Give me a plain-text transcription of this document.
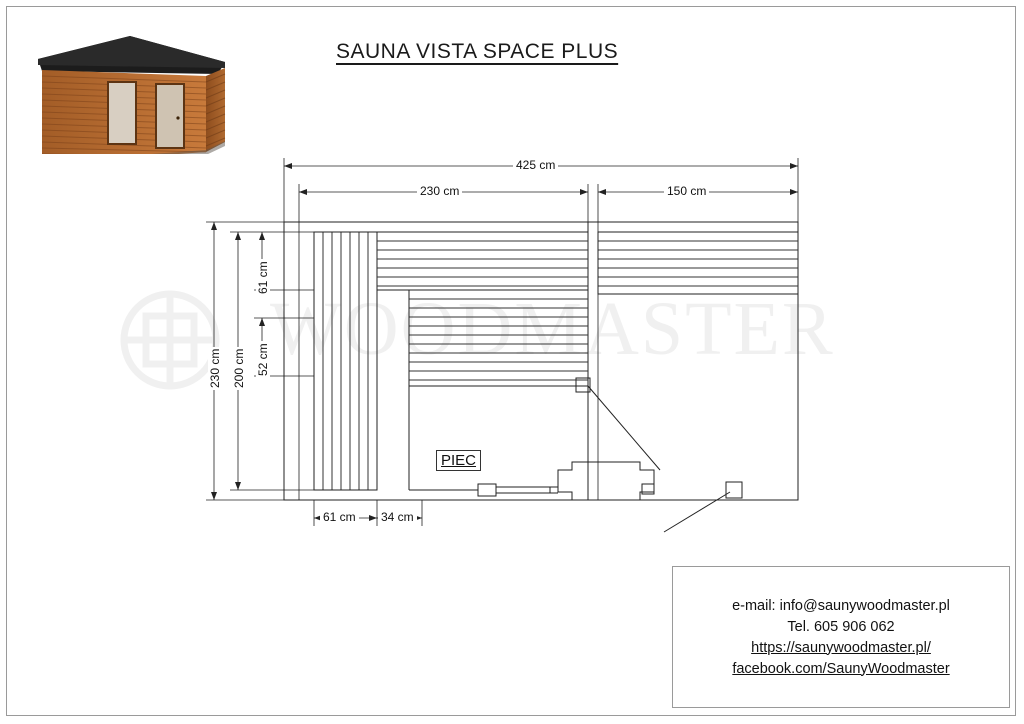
WOODMASTER
SAUNA VISTA SPACE PLUS
425 cm
230 cm	150 cm
230 cm 200 cm
61 cm
52 cm
61 cm 34 cm
PIEC
e-mail: info@saunywoodmaster.pl
Tel. 605 906 062
https://saunywoodmaster.pl/
facebook.com/SaunyWoodmaster
